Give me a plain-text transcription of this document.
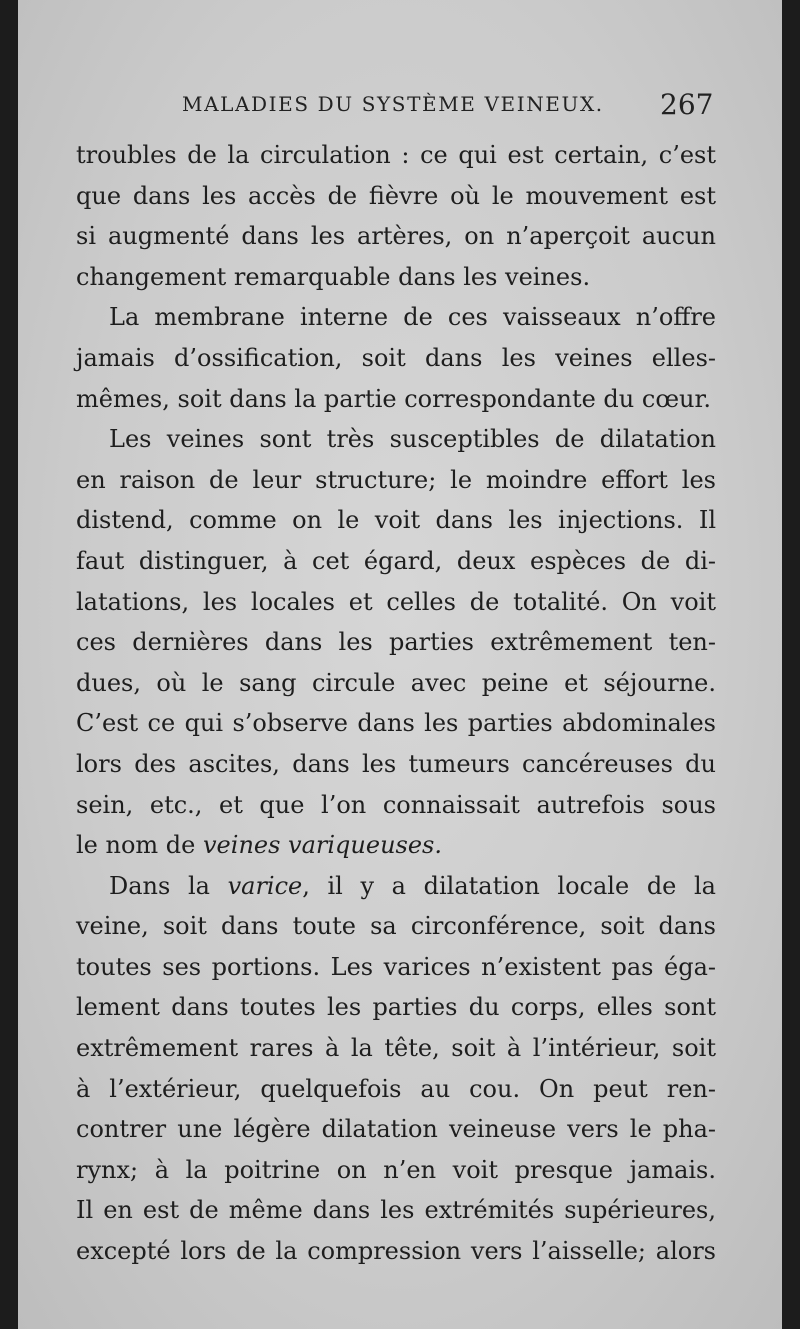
MALADIES DU SYSTÈME VEINEUX. 267
troubles de la circulation : ce qui est certain, c’est
que dans les accès de fièvre où le mouvement est
si augmenté dans les artères, on n’aperçoit aucun
changement remarquable dans les veines.
La membrane interne de ces vaisseaux n’offre
jamais d’ossification, soit dans les veines elles-
mêmes, soit dans la partie correspondante du cœur.
Les veines sont très susceptibles de dilatation
en raison de leur structure; le moindre effort les
distend, comme on le voit dans les injections. Il
faut distinguer, à cet égard, deux espèces de di-
latations, les locales et celles de totalité. On voit
ces dernières dans les parties extrêmement ten-
dues, où le sang circule avec peine et séjourne.
C’est ce qui s’observe dans les parties abdominales
lors des ascites, dans les tumeurs cancéreuses du
sein, etc., et que l’on connaissait autrefois sous
le nom de veines variqueuses.
Dans la varice, il y a dilatation locale de la
veine, soit dans toute sa circonférence, soit dans
toutes ses portions. Les varices n’existent pas éga-
lement dans toutes les parties du corps, elles sont
extrêmement rares à la tête, soit à l’intérieur, soit
à l’extérieur, quelquefois au cou. On peut ren-
contrer une légère dilatation veineuse vers le pha-
rynx; à la poitrine on n’en voit presque jamais.
Il en est de même dans les extrémités supérieures,
excepté lors de la compression vers l’aisselle; alors
